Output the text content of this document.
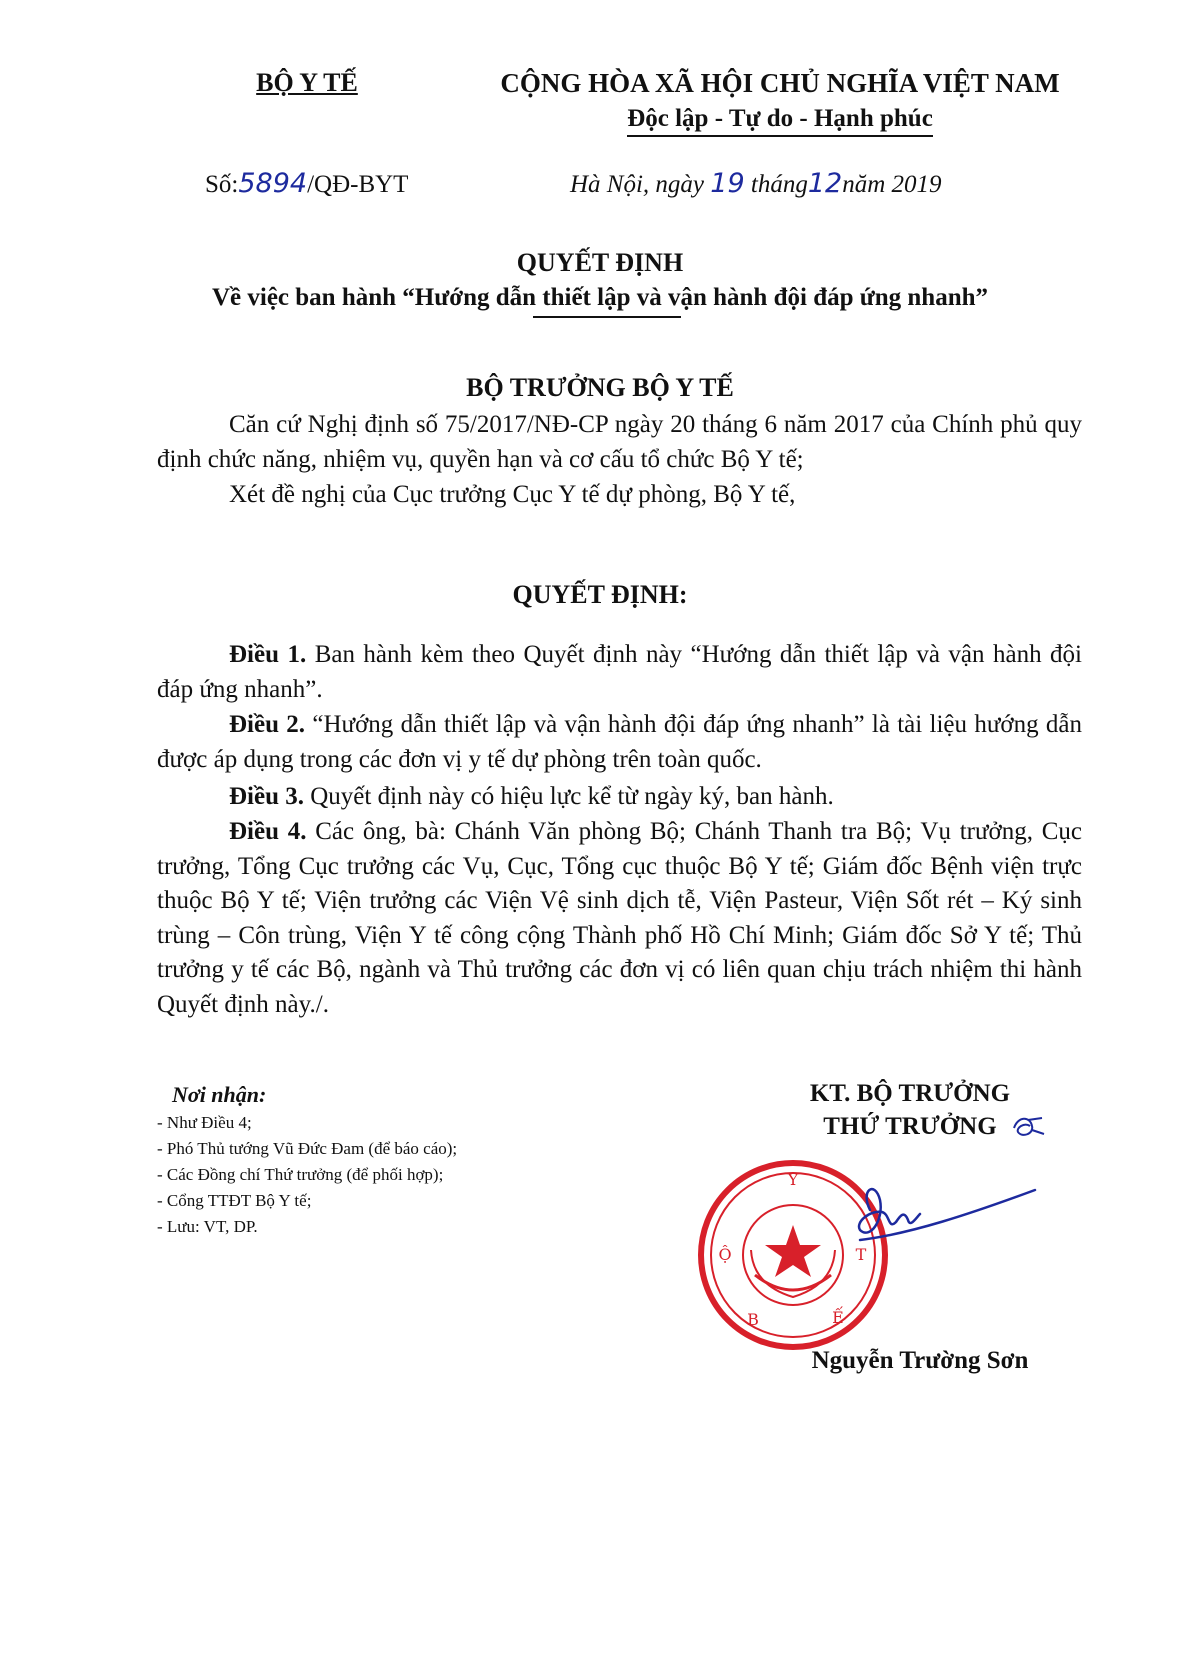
BỘ Y TẾ	CỘNG HÒA XÃ HỘI CHỦ NGHĨA VIỆT NAM
Độc lập - Tự do - Hạnh phúc
Số:5894/QĐ-BYT	Hà Nội, ngày 19 tháng12năm 2019
QUYẾT ĐỊNH
Về việc ban hành “Hướng dẫn thiết lập và vận hành đội đáp ứng nhanh”
BỘ TRƯỞNG BỘ Y TẾ
Căn cứ Nghị định số 75/2017/NĐ-CP ngày 20 tháng 6 năm 2017 của Chính phủ quy định chức năng, nhiệm vụ, quyền hạn và cơ cấu tổ chức Bộ Y tế;
Xét đề nghị của Cục trưởng Cục Y tế dự phòng, Bộ Y tế,
QUYẾT ĐỊNH:
Điều 1. Ban hành kèm theo Quyết định này “Hướng dẫn thiết lập và vận hành đội đáp ứng nhanh”.
Điều 2. “Hướng dẫn thiết lập và vận hành đội đáp ứng nhanh” là tài liệu hướng dẫn được áp dụng trong các đơn vị y tế dự phòng trên toàn quốc.
Điều 3. Quyết định này có hiệu lực kể từ ngày ký, ban hành.
Điều 4. Các ông, bà: Chánh Văn phòng Bộ; Chánh Thanh tra Bộ; Vụ trưởng, Cục trưởng, Tổng Cục trưởng các Vụ, Cục, Tổng cục thuộc Bộ Y tế; Giám đốc Bệnh viện trực thuộc Bộ Y tế; Viện trưởng các Viện Vệ sinh dịch tễ, Viện Pasteur, Viện Sốt rét – Ký sinh trùng – Côn trùng, Viện Y tế công cộng Thành phố Hồ Chí Minh; Giám đốc Sở Y tế; Thủ trưởng y tế các Bộ, ngành và Thủ trưởng các đơn vị có liên quan chịu trách nhiệm thi hành Quyết định này./.
Nơi nhận:
- Như Điều 4;
- Phó Thủ tướng Vũ Đức Đam (để báo cáo);
- Các Đồng chí Thứ trưởng (để phối hợp);
- Cổng TTĐT Bộ Y tế;
- Lưu: VT, DP.
KT. BỘ TRƯỞNG
THỨ TRƯỞNG
Y
Ộ	T
B	Ế
Nguyễn Trường Sơn
